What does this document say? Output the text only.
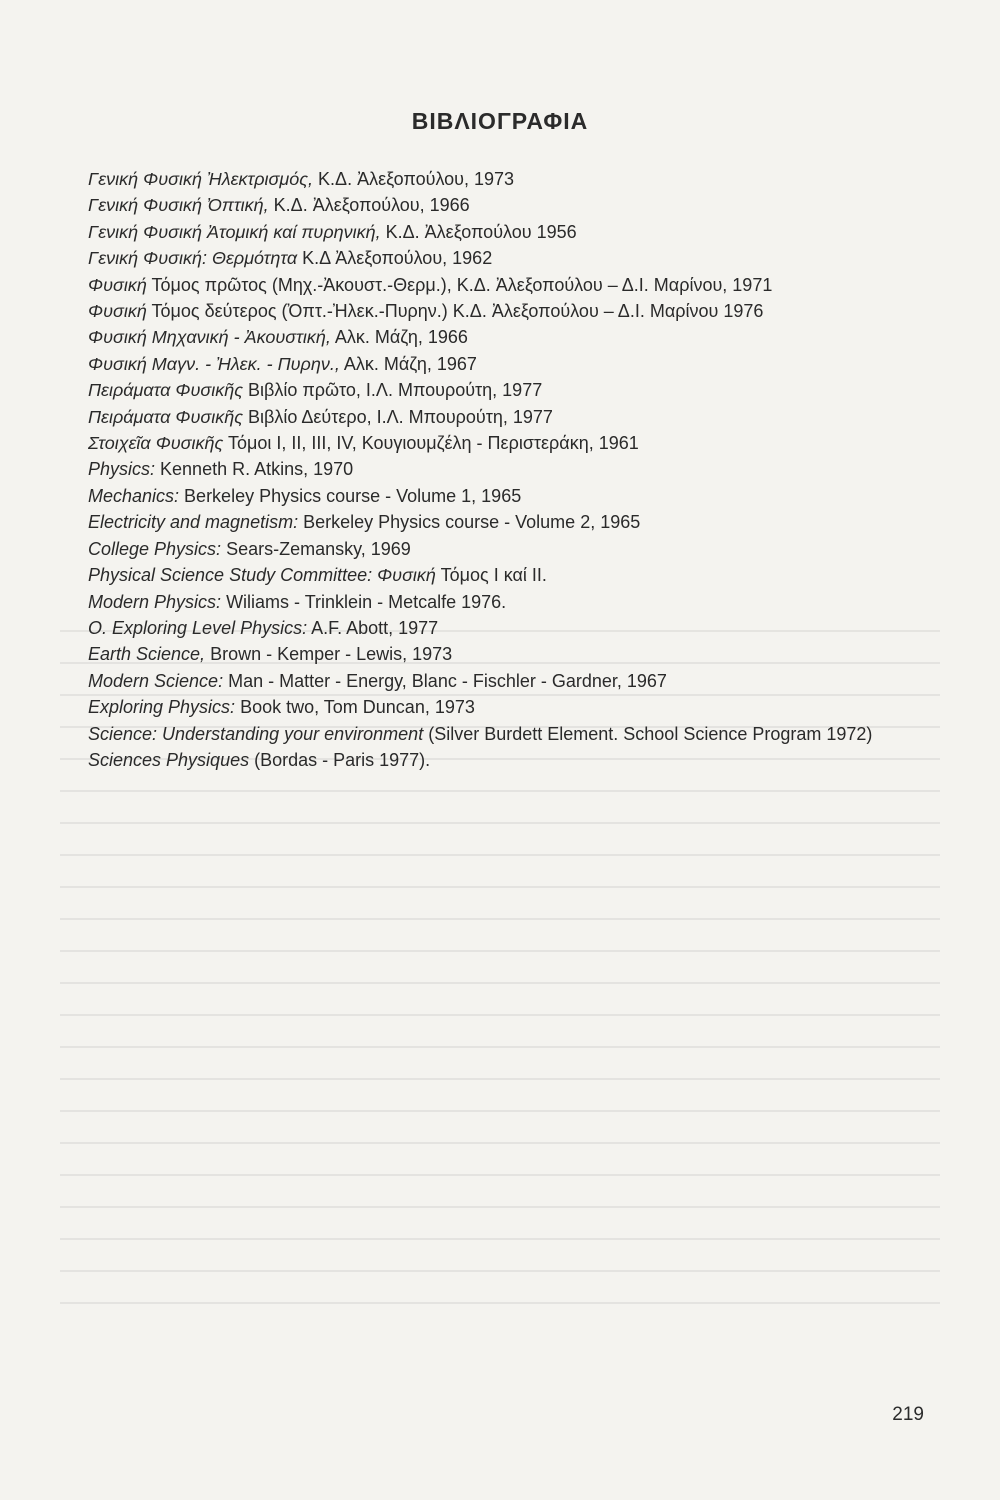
ΒΙΒΛΙΟΓΡΑΦΙΑ
Γενική Φυσική Ἠλεκτρισμός, Κ.Δ. Ἀλεξοπούλου, 1973
Γενική Φυσική Ὀπτική, Κ.Δ. Ἀλεξοπούλου, 1966
Γενική Φυσική Ἀτομική καί πυρηνική, Κ.Δ. Ἀλεξοπούλου 1956
Γενική Φυσική: Θερμότητα Κ.Δ Ἀλεξοπούλου, 1962
Φυσική Τόμος πρῶτος (Μηχ.-Ἀκουστ.-Θερμ.), Κ.Δ. Ἀλεξοπούλου – Δ.Ι. Μαρίνου, 1971
Φυσική Τόμος δεύτερος (Ὀπτ.-Ἠλεκ.-Πυρην.) Κ.Δ. Ἀλεξοπούλου – Δ.Ι. Μαρίνου 1976
Φυσική Μηχανική - Ἀκουστική, Αλκ. Μάζη, 1966
Φυσική Μαγν. - Ἠλεκ. - Πυρην., Αλκ. Μάζη, 1967
Πειράματα Φυσικῆς Βιβλίο πρῶτο, Ι.Λ. Μπουρούτη, 1977
Πειράματα Φυσικῆς Βιβλίο Δεύτερο, Ι.Λ. Μπουρούτη, 1977
Στοιχεῖα Φυσικῆς Τόμοι Ι, ΙΙ, ΙΙΙ, ΙV, Κουγιουμζέλη - Περιστεράκη, 1961
Physics: Kenneth R. Atkins, 1970
Mechanics: Berkeley Physics course - Volume 1, 1965
Electricity and magnetism: Berkeley Physics course - Volume 2, 1965
College Physics: Sears-Zemansky, 1969
Physical Science Study Committee: Φυσική Τόμος Ι καί ΙΙ.
Modern Physics: Wiliams - Trinklein - Metcalfe 1976.
O. Exploring Level Physics: A.F. Abott, 1977
Earth Science, Brown - Kemper - Lewis, 1973
Modern Science: Man - Matter - Energy, Blanc - Fischler - Gardner, 1967
Exploring Physics: Book two, Tom Duncan, 1973
Science: Understanding your environment (Silver Burdett Element. School Science Program 1972)
Sciences Physiques (Bordas - Paris 1977).
219
